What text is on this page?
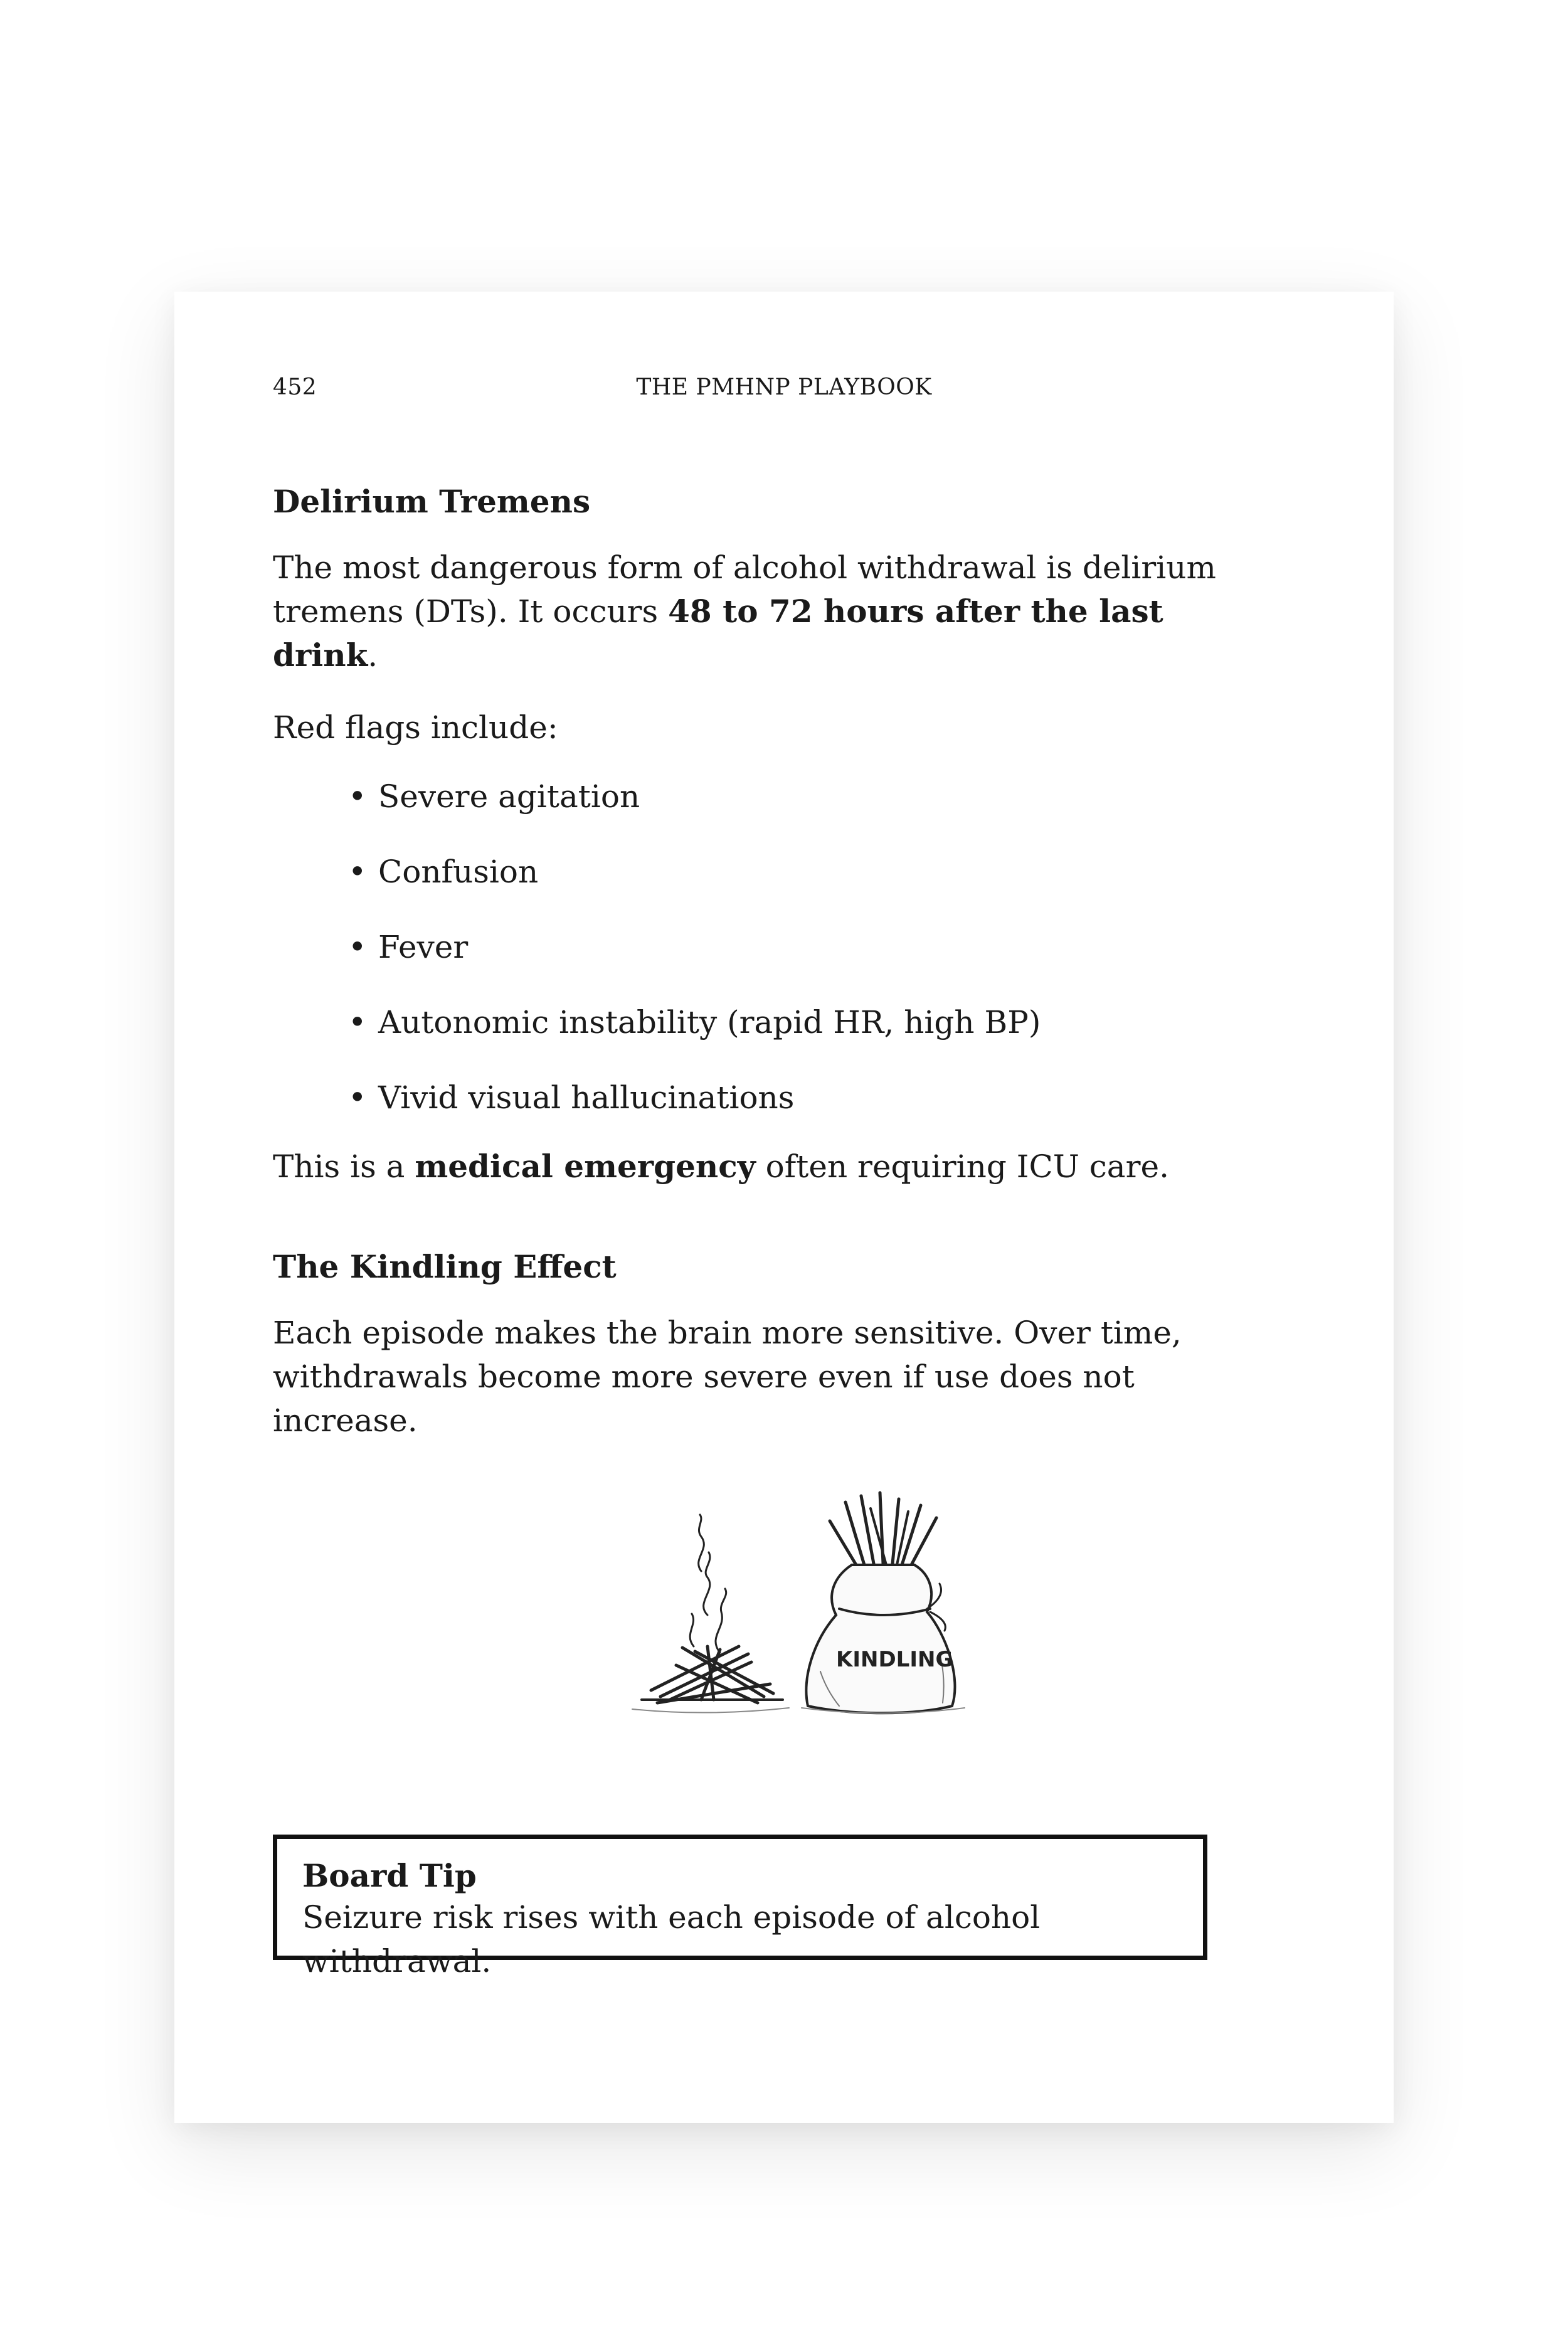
452	THE PMHNP PLAYBOOK
Delirium Tremens

The most dangerous form of alcohol withdrawal is delirium tremens (DTs). It occurs 48 to 72 hours after the last drink.

Red flags include:

• Severe agitation
• Confusion
• Fever
• Autonomic instability (rapid HR, high BP)
• Vivid visual hallucinations

This is a medical emergency often requiring ICU care.

The Kindling Effect

Each episode makes the brain more sensitive. Over time, withdrawals become more severe even if use does not increase.

KINDLING
Board Tip
Seizure risk rises with each episode of alcohol withdrawal.
